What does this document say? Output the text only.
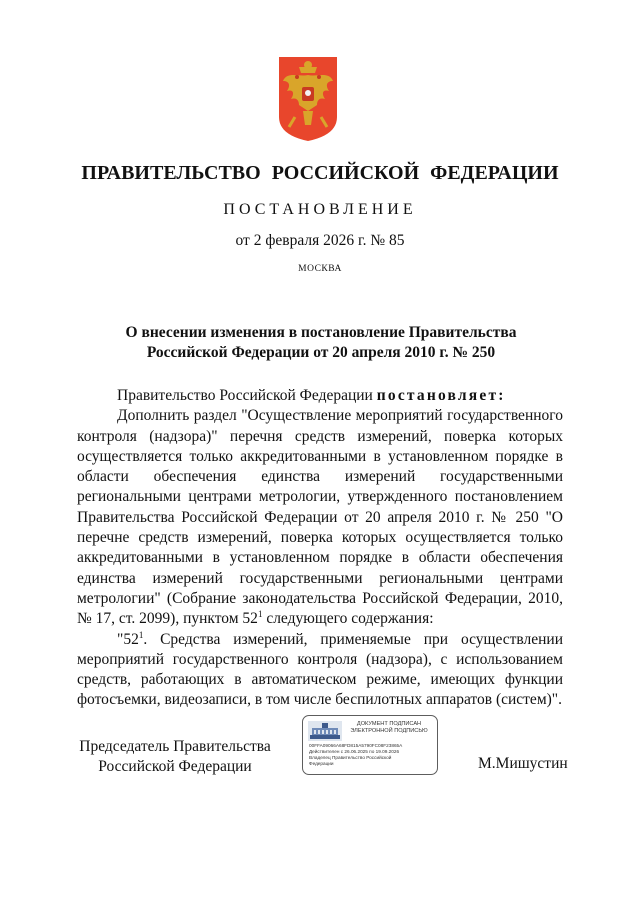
ПРАВИТЕЛЬСТВО РОССИЙСКОЙ ФЕДЕРАЦИИ
ПОСТАНОВЛЕНИЕ
от 2 февраля 2026 г. № 85
МОСКВА
О внесении изменения в постановление Правительства
Российской Федерации от 20 апреля 2010 г. № 250

Правительство Российской Федерации постановляет:

Дополнить раздел "Осуществление мероприятий государственного контроля (надзора)" перечня средств измерений, поверка которых осуществляется только аккредитованными в установленном порядке в области обеспечения единства измерений государственными региональными центрами метрологии, утвержденного постановлением Правительства Российской Федерации от 20 апреля 2010 г. № 250 "О перечне средств измерений, поверка которых осуществляется только аккредитованными в установленном порядке в области обеспечения единства измерений государственными региональными центрами метрологии" (Собрание законодательства Российской Федерации, 2010, № 17, ст. 2099), пунктом $52^1$ следующего содержания:

"$52^1$. Средства измерений, применяемые при осуществлении мероприятий государственного контроля (надзора), с использованием средств, работающих в автоматическом режиме, имеющих функции фотосъемки, видеозаписи, в том числе беспилотных аппаратов (систем)".

Председатель Правительства
Российской Федерации
ДОКУМЕНТ ПОДПИСАН
ЭЛЕКТРОННОЙ ПОДПИСЬЮ
00FFA09066A68FD815A5790FC08F23865A
Действителен с 26.06.2025 по 19.09.2026
Владелец Правительство Российской
Федерации	М.Мишустин
